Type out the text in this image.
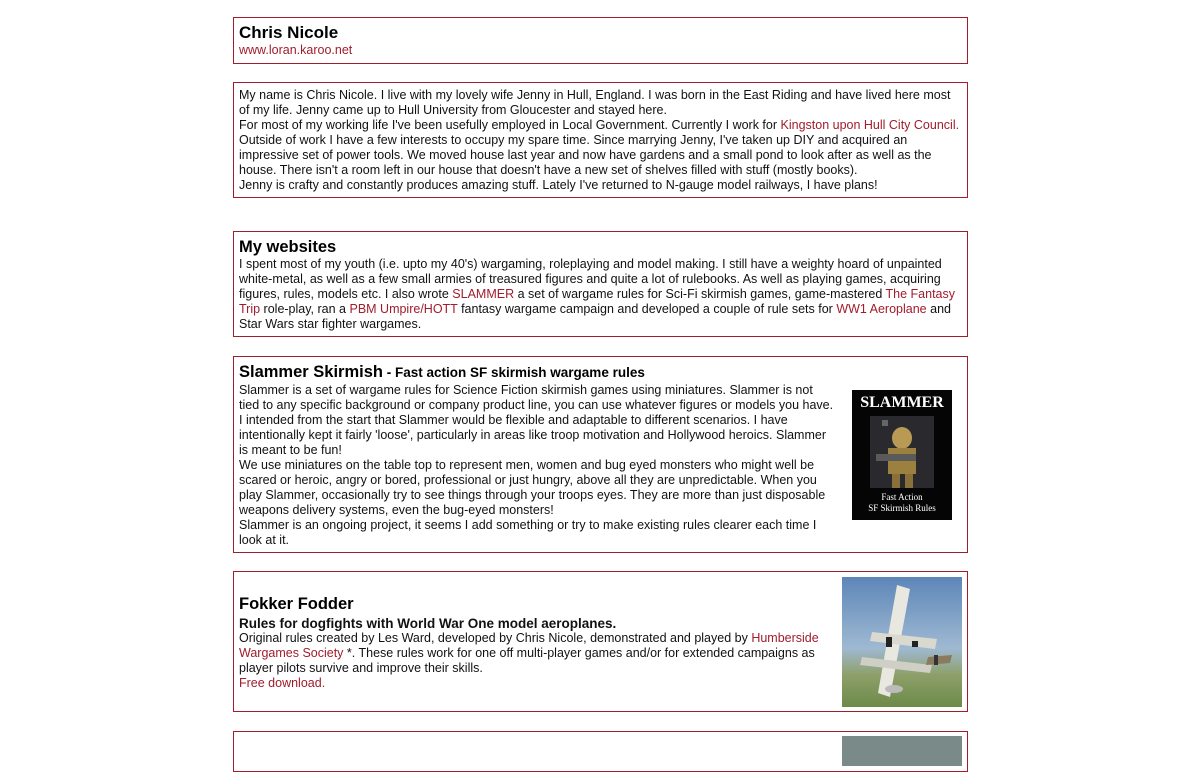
Chris Nicole
www.loran.karoo.net

My name is Chris Nicole. I live with my lovely wife Jenny in Hull, England. I was born in the East Riding and have lived here most of my life. Jenny came up to Hull University from Gloucester and stayed here.

For most of my working life I've been usefully employed in Local Government. Currently I work for Kingston upon Hull City Council.

Outside of work I have a few interests to occupy my spare time. Since marrying Jenny, I've taken up DIY and acquired an impressive set of power tools. We moved house last year and now have gardens and a small pond to look after as well as the house. There isn't a room left in our house that doesn't have a new set of shelves filled with stuff (mostly books).

Jenny is crafty and constantly produces amazing stuff. Lately I've returned to N-gauge model railways, I have plans!

My websites

I spent most of my youth (i.e. upto my 40's) wargaming, roleplaying and model making. I still have a weighty hoard of unpainted white-metal, as well as a few small armies of treasured figures and quite a lot of rulebooks. As well as playing games, acquiring figures, rules, models etc. I also wrote SLAMMER a set of wargame rules for Sci-Fi skirmish games, game-mastered The Fantasy Trip role-play, ran a PBM Umpire/HOTT fantasy wargame campaign and developed a couple of rule sets for WW1 Aeroplane and Star Wars star fighter wargames.

Slammer Skirmish - Fast action SF skirmish wargame rules

Slammer is a set of wargame rules for Science Fiction skirmish games using miniatures. Slammer is not tied to any specific background or company product line, you can use whatever figures or models you have. I intended from the start that Slammer would be flexible and adaptable to different scenarios. I have intentionally kept it fairly 'loose', particularly in areas like troop motivation and Hollywood heroics. Slammer is meant to be fun!

We use miniatures on the table top to represent men, women and bug eyed monsters who might well be scared or heroic, angry or bored, professional or just hungry, above all they are unpredictable. When you play Slammer, occasionally try to see things through your troops eyes. They are more than just disposable weapons delivery systems, even the bug-eyed monsters!

Slammer is an ongoing project, it seems I add something or try to make existing rules clearer each time I look at it.

SLAMMER
Fast Action
SF Skirmish Rules
Fokker Fodder
Rules for dogfights with World War One model aeroplanes.

Original rules created by Les Ward, developed by Chris Nicole, demonstrated and played by Humberside Wargames Society *. These rules work for one off multi-player games and/or for extended campaigns as player pilots survive and improve their skills.

Free download.
